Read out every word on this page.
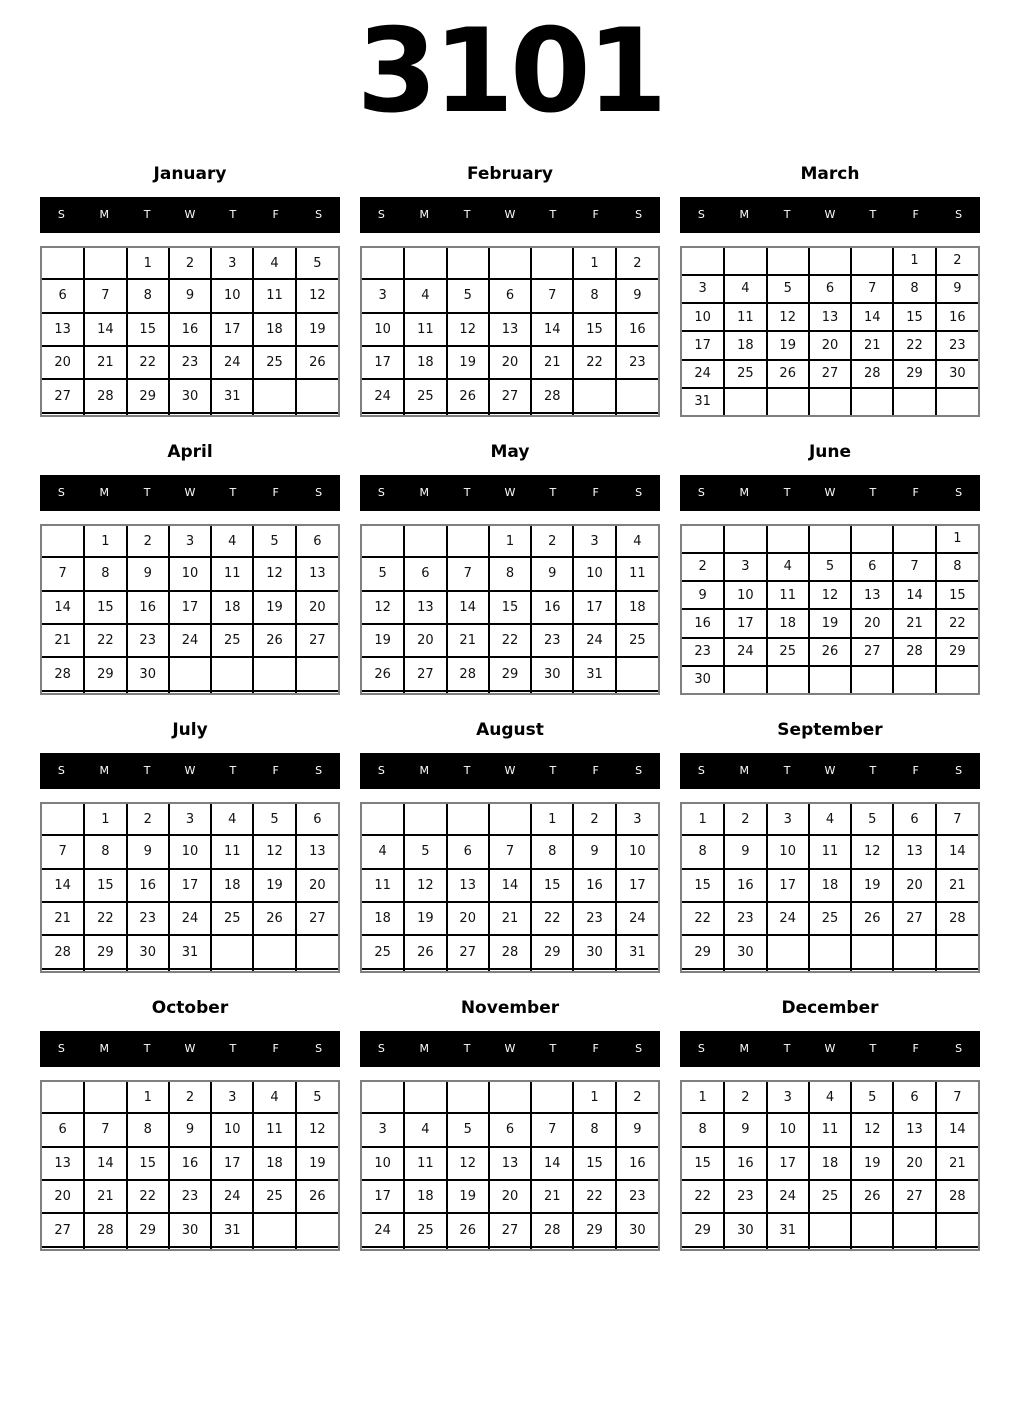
3101
January
S	M	T	W	T	F	S
		1	2	3	4	5
6	7	8	9	10	11	12
13	14	15	16	17	18	19
20	21	22	23	24	25	26
27	28	29	30	31		

February
S	M	T	W	T	F	S
					1	2
3	4	5	6	7	8	9
10	11	12	13	14	15	16
17	18	19	20	21	22	23
24	25	26	27	28		

March
S	M	T	W	T	F	S
					1	2
3	4	5	6	7	8	9
10	11	12	13	14	15	16
17	18	19	20	21	22	23
24	25	26	27	28	29	30
31						
April
S	M	T	W	T	F	S
	1	2	3	4	5	6
7	8	9	10	11	12	13
14	15	16	17	18	19	20
21	22	23	24	25	26	27
28	29	30				

May
S	M	T	W	T	F	S
			1	2	3	4
5	6	7	8	9	10	11
12	13	14	15	16	17	18
19	20	21	22	23	24	25
26	27	28	29	30	31	

June
S	M	T	W	T	F	S
						1
2	3	4	5	6	7	8
9	10	11	12	13	14	15
16	17	18	19	20	21	22
23	24	25	26	27	28	29
30						
July
S	M	T	W	T	F	S
	1	2	3	4	5	6
7	8	9	10	11	12	13
14	15	16	17	18	19	20
21	22	23	24	25	26	27
28	29	30	31			

August
S	M	T	W	T	F	S
				1	2	3
4	5	6	7	8	9	10
11	12	13	14	15	16	17
18	19	20	21	22	23	24
25	26	27	28	29	30	31

September
S	M	T	W	T	F	S
1	2	3	4	5	6	7
8	9	10	11	12	13	14
15	16	17	18	19	20	21
22	23	24	25	26	27	28
29	30					

October
S	M	T	W	T	F	S
		1	2	3	4	5
6	7	8	9	10	11	12
13	14	15	16	17	18	19
20	21	22	23	24	25	26
27	28	29	30	31		

November
S	M	T	W	T	F	S
					1	2
3	4	5	6	7	8	9
10	11	12	13	14	15	16
17	18	19	20	21	22	23
24	25	26	27	28	29	30

December
S	M	T	W	T	F	S
1	2	3	4	5	6	7
8	9	10	11	12	13	14
15	16	17	18	19	20	21
22	23	24	25	26	27	28
29	30	31				
